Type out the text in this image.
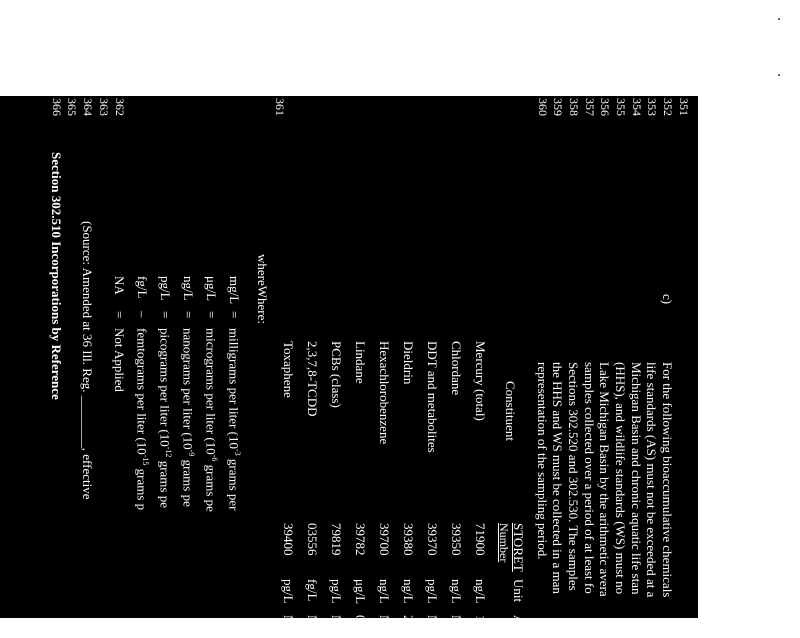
351
352
353
354
355
356
357
358
359
360
361
362
363
364
365
366
c)
For the following bioaccumulative chemicals
life standards (AS) must not be exceeded at a
Michigan Basin and chronic aquatic life stan
(HHS), and wildlife standards (WS) must no
Lake Michigan Basin by the arithmetic avera
samples collected over a period of at least fo
Sections 302.520 and 302.530. The samples
the HHS and WS must be collected in a man
representation of the sampling period.
Constituent
STORET
Number
Unit
AS
Mercury (total)
71900
ng/L
1,70
Chlordane
39350
ng/L
NA
DDT and metabolites
39370
pg/L
NA
Dieldrin
39380
ng/L
240
Hexachlorobenzene
39700
ng/L
NA
Lindane
39782
μg/L
0.9
PCBs (class)
79819
pg/L
NA
2,3,7,8-TCDD
03556
fg/L
NA
Toxaphene
39400
pg/L
NA
whereWhere:
mg/L
=
milligrams per liter ($10^{-3}$ grams per
μg/L
=
micrograms per liter ($10^{-6}$ grams pe
ng/L
=
nanograms per liter ($10^{-9}$ grams pe
pg/L
=
picograms per liter ($10^{-12}$ grams pe
fg/L
–
femtograms per liter ($10^{-15}$ grams p
NA
=
Not Applied
(Source: Amended at 36 Ill. Reg. ________, effective
Section 302.510 Incorporations by Reference
